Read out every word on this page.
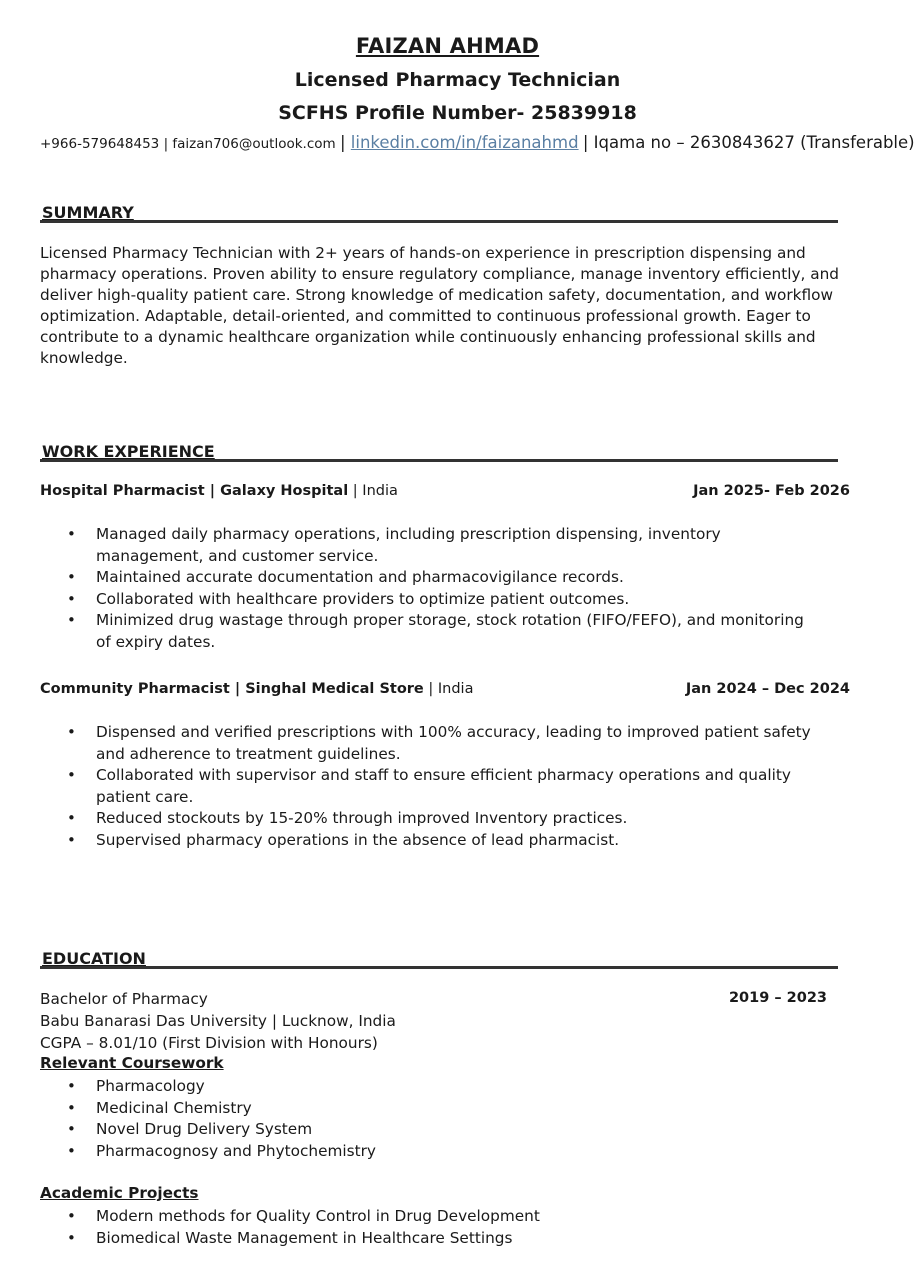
FAIZAN AHMAD
Licensed Pharmacy Technician
SCFHS Profile Number- 25839918
+966-579648453 | faizan706@outlook.com | linkedin.com/in/faizanahmd | Iqama no – 2630843627 (Transferable)
SUMMARY

Licensed Pharmacy Technician with 2+ years of hands-on experience in prescription dispensing and pharmacy operations. Proven ability to ensure regulatory compliance, manage inventory efficiently, and deliver high-quality patient care. Strong knowledge of medication safety, documentation, and workflow optimization. Adaptable, detail-oriented, and committed to continuous professional growth. Eager to contribute to a dynamic healthcare organization while continuously enhancing professional skills and knowledge.

WORK EXPERIENCE
Hospital Pharmacist | Galaxy Hospital | India	Jan 2025- Feb 2026
• Managed daily pharmacy operations, including prescription dispensing, inventory management, and customer service.
• Maintained accurate documentation and pharmacovigilance records.
• Collaborated with healthcare providers to optimize patient outcomes.
• Minimized drug wastage through proper storage, stock rotation (FIFO/FEFO), and monitoring of expiry dates.
Community Pharmacist | Singhal Medical Store | India	Jan 2024 – Dec 2024
• Dispensed and verified prescriptions with 100% accuracy, leading to improved patient safety and adherence to treatment guidelines.
• Collaborated with supervisor and staff to ensure efficient pharmacy operations and quality patient care.
• Reduced stockouts by 15-20% through improved Inventory practices.
• Supervised pharmacy operations in the absence of lead pharmacist.
EDUCATION
Bachelor of Pharmacy	2019 – 2023
Babu Banarasi Das University | Lucknow, India
CGPA – 8.01/10 (First Division with Honours)
Relevant Coursework
• Pharmacology
• Medicinal Chemistry
• Novel Drug Delivery System
• Pharmacognosy and Phytochemistry
Academic Projects
• Modern methods for Quality Control in Drug Development
• Biomedical Waste Management in Healthcare Settings
